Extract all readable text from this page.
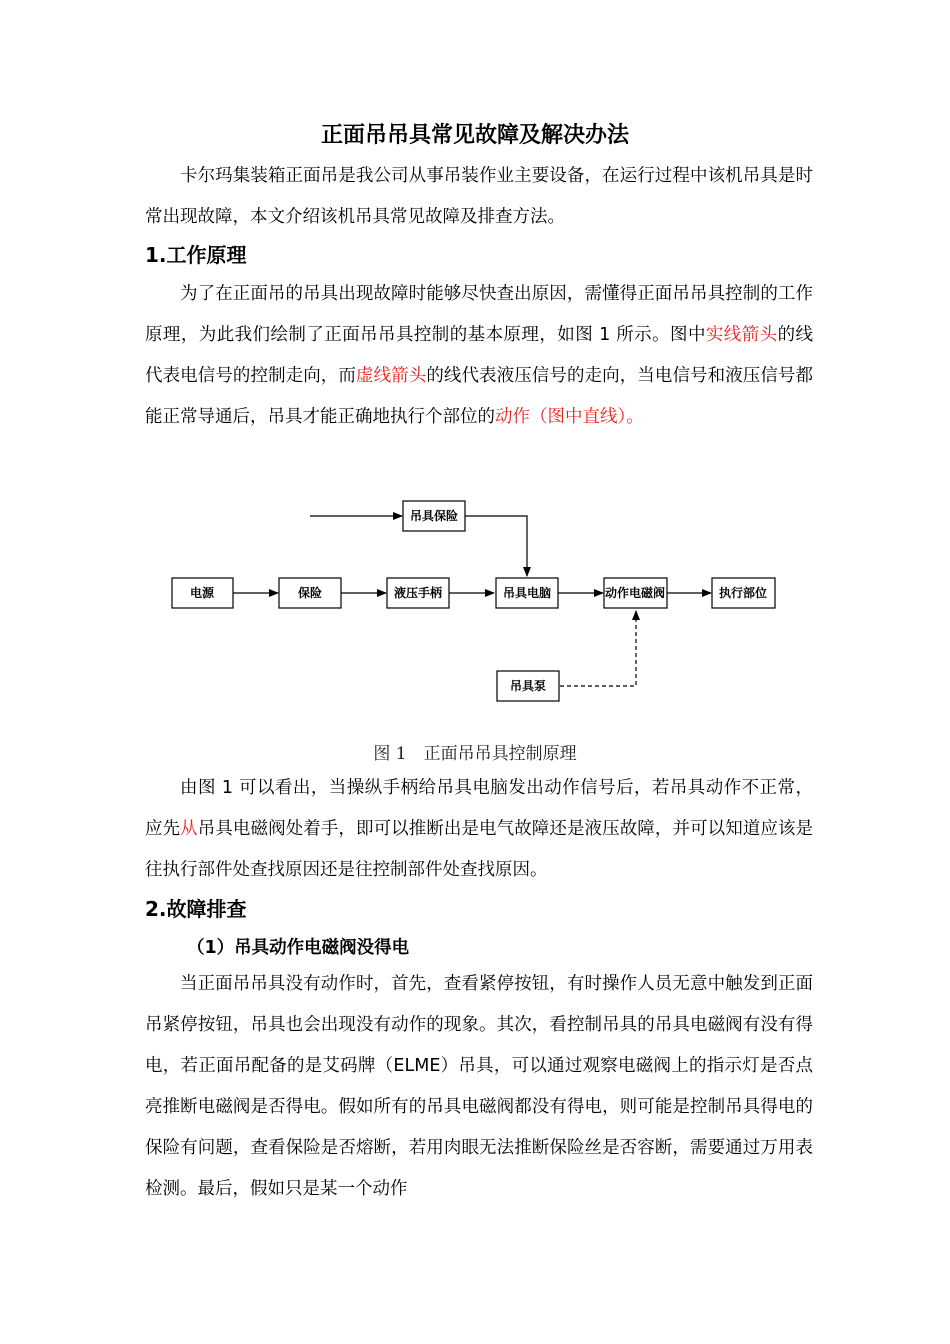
正面吊吊具常见故障及解决办法

卡尔玛集装箱正面吊是我公司从事吊装作业主要设备，在运行过程中该机吊具是时常出现故障，本文介绍该机吊具常见故障及排查方法。

1.工作原理

为了在正面吊的吊具出现故障时能够尽快查出原因，需懂得正面吊吊具控制的工作原理，为此我们绘制了正面吊吊具控制的基本原理，如图 1 所示。图中实线箭头的线代表电信号的控制走向，而虚线箭头的线代表液压信号的走向，当电信号和液压信号都能正常导通后，吊具才能正确地执行个部位的动作（图中直线）。

吊具保险
电源	保险	液压手柄	吊具电脑	动作电磁阀	执行部位
吊具泵
图 1　正面吊吊具控制原理

由图 1 可以看出，当操纵手柄给吊具电脑发出动作信号后，若吊具动作不正常，应先从吊具电磁阀处着手，即可以推断出是电气故障还是液压故障，并可以知道应该是往执行部件处查找原因还是往控制部件处查找原因。

2.故障排查
（1）吊具动作电磁阀没得电

当正面吊吊具没有动作时，首先，查看紧停按钮，有时操作人员无意中触发到正面吊紧停按钮，吊具也会出现没有动作的现象。其次，看控制吊具的吊具电磁阀有没有得电，若正面吊配备的是艾码牌（ELME）吊具，可以通过观察电磁阀上的指示灯是否点亮推断电磁阀是否得电。假如所有的吊具电磁阀都没有得电，则可能是控制吊具得电的保险有问题，查看保险是否熔断，若用肉眼无法推断保险丝是否容断，需要通过万用表检测。最后，假如只是某一个动作
